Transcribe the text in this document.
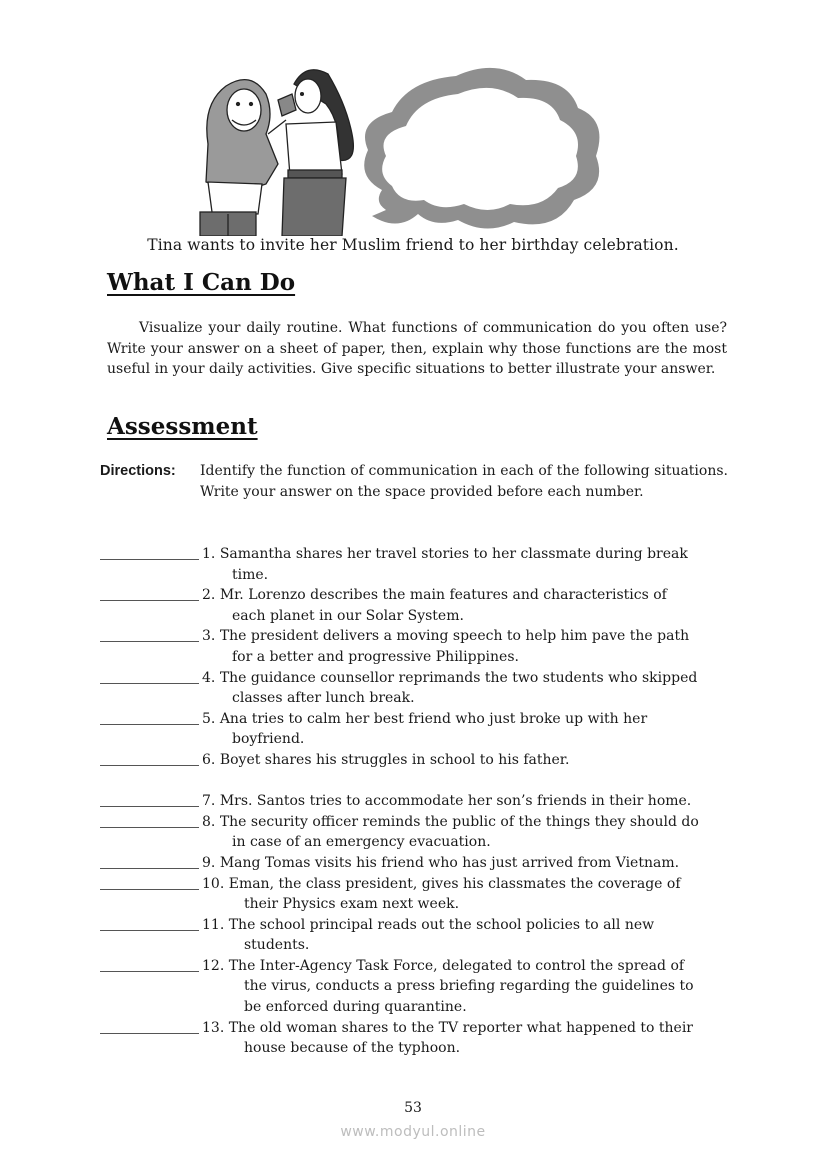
Tina wants to invite her Muslim friend to her birthday celebration.
What I Can Do

Visualize your daily routine. What functions of communication do you often use? Write your answer on a sheet of paper, then, explain why those functions are the most useful in your daily activities. Give specific situations to better illustrate your answer.

Assessment
Directions:	Identify the function of communication in each of the following situations. Write your answer on the space provided before each number.
1. Samantha shares her travel stories to her classmate during break
time.
2. Mr. Lorenzo describes the main features and characteristics of
each planet in our Solar System.
3. The president delivers a moving speech to help him pave the path
for a better and progressive Philippines.
4. The guidance counsellor reprimands the two students who skipped
classes after lunch break.
5. Ana tries to calm her best friend who just broke up with her
boyfriend.
6. Boyet shares his struggles in school to his father.
7. Mrs. Santos tries to accommodate her son’s friends in their home.
8. The security officer reminds the public of the things they should do
in case of an emergency evacuation.
9. Mang Tomas visits his friend who has just arrived from Vietnam.
10. Eman, the class president, gives his classmates the coverage of
their Physics exam next week.
11. The school principal reads out the school policies to all new
students.
12. The Inter-Agency Task Force, delegated to control the spread of
the virus, conducts a press briefing regarding the guidelines to
be enforced during quarantine.
13. The old woman shares to the TV reporter what happened to their
house because of the typhoon.
53
www.modyul.online
